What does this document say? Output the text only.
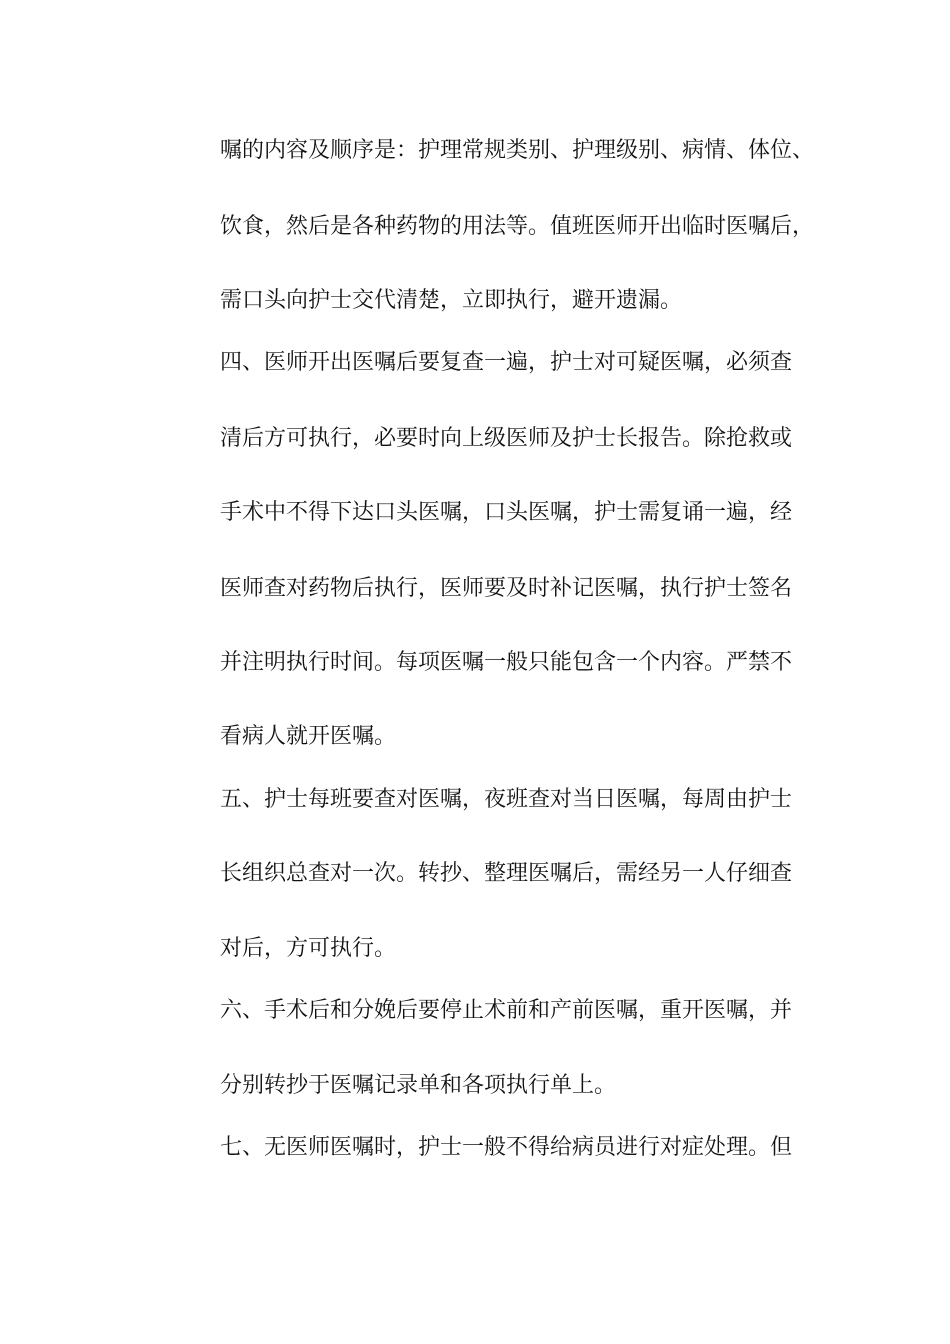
嘱的内容及顺序是：护理常规类别、护理级别、病情、体位、
饮食，然后是各种药物的用法等。值班医师开出临时医嘱后，
需口头向护士交代清楚，立即执行，避开遗漏。
四、医师开出医嘱后要复查一遍，护士对可疑医嘱，必须查
清后方可执行，必要时向上级医师及护士长报告。除抢救或
手术中不得下达口头医嘱，口头医嘱，护士需复诵一遍，经
医师查对药物后执行，医师要及时补记医嘱，执行护士签名
并注明执行时间。每项医嘱一般只能包含一个内容。严禁不
看病人就开医嘱。
五、护士每班要查对医嘱，夜班查对当日医嘱，每周由护士
长组织总查对一次。转抄、整理医嘱后，需经另一人仔细查
对后，方可执行。
六、手术后和分娩后要停止术前和产前医嘱，重开医嘱，并
分别转抄于医嘱记录单和各项执行单上。
七、无医师医嘱时，护士一般不得给病员进行对症处理。但
